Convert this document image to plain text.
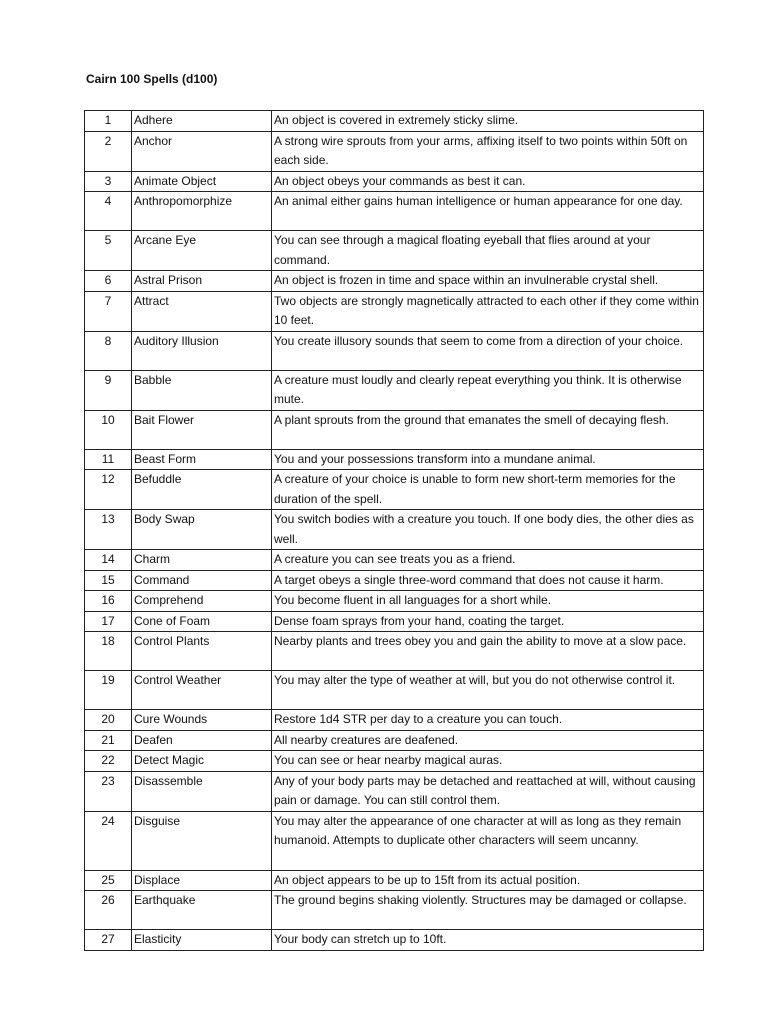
Cairn 100 Spells (d100)
1	Adhere	An object is covered in extremely sticky slime.
2	Anchor	A strong wire sprouts from your arms, affixing itself to two points within 50ft on each side.
3	Animate Object	An object obeys your commands as best it can.
4	Anthropomorphize	An animal either gains human intelligence or human appearance for one day.
5	Arcane Eye	You can see through a magical floating eyeball that flies around at your command.
6	Astral Prison	An object is frozen in time and space within an invulnerable crystal shell.
7	Attract	Two objects are strongly magnetically attracted to each other if they come within 10 feet.
8	Auditory Illusion	You create illusory sounds that seem to come from a direction of your choice.
9	Babble	A creature must loudly and clearly repeat everything you think. It is otherwise mute.
10	Bait Flower	A plant sprouts from the ground that emanates the smell of decaying flesh.
11	Beast Form	You and your possessions transform into a mundane animal.
12	Befuddle	A creature of your choice is unable to form new short-term memories for the duration of the spell.
13	Body Swap	You switch bodies with a creature you touch. If one body dies, the other dies as well.
14	Charm	A creature you can see treats you as a friend.
15	Command	A target obeys a single three-word command that does not cause it harm.
16	Comprehend	You become fluent in all languages for a short while.
17	Cone of Foam	Dense foam sprays from your hand, coating the target.
18	Control Plants	Nearby plants and trees obey you and gain the ability to move at a slow pace.
19	Control Weather	You may alter the type of weather at will, but you do not otherwise control it.
20	Cure Wounds	Restore 1d4 STR per day to a creature you can touch.
21	Deafen	All nearby creatures are deafened.
22	Detect Magic	You can see or hear nearby magical auras.
23	Disassemble	Any of your body parts may be detached and reattached at will, without causing pain or damage. You can still control them.
24	Disguise	You may alter the appearance of one character at will as long as they remain humanoid. Attempts to duplicate other characters will seem uncanny.
25	Displace	An object appears to be up to 15ft from its actual position.
26	Earthquake	The ground begins shaking violently. Structures may be damaged or collapse.
27	Elasticity	Your body can stretch up to 10ft.
